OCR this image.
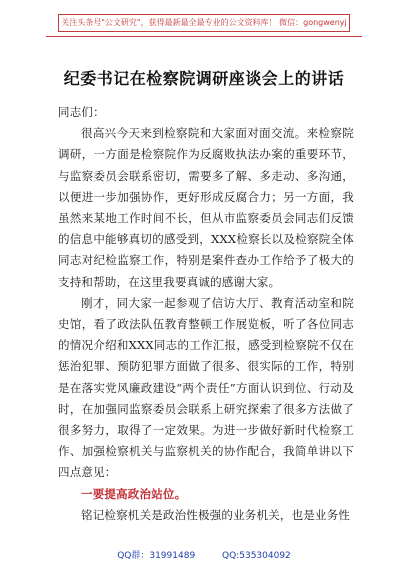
关注头条号"公文研究"，获得最新最全最专业的公文资料库！ 微信：gongwenyj
纪委书记在检察院调研座谈会上的讲话

同志们：

很高兴今天来到检察院和大家面对面交流。来检察院调研，一方面是检察院作为反腐败执法办案的重要环节，与监察委员会联系密切，需要多了解、多走动、多沟通，以便进一步加强协作，更好形成反腐合力；另一方面，我虽然来某地工作时间不长，但从市监察委员会同志们反馈的信息中能够真切的感受到，XXX检察长以及检察院全体同志对纪检监察工作，特别是案件查办工作给予了极大的支持和帮助，在这里我要真诚的感谢大家。

刚才，同大家一起参观了信访大厅、教育活动室和院史馆，看了政法队伍教育整顿工作展览板，听了各位同志的情况介绍和XXX同志的工作汇报，感受到检察院不仅在惩治犯罪、预防犯罪方面做了很多、很实际的工作，特别是在落实党风廉政建设“两个责任”方面认识到位、行动及时，在加强同监察委员会联系上研究探索了很多方法做了很多努力，取得了一定效果。为进一步做好新时代检察工作、加强检察机关与监察机关的协作配合，我简单讲以下四点意见：

一要提高政治站位。

铭记检察机关是政治性极强的业务机关，也是业务性

QQ群：31991489	QQ:535304092
